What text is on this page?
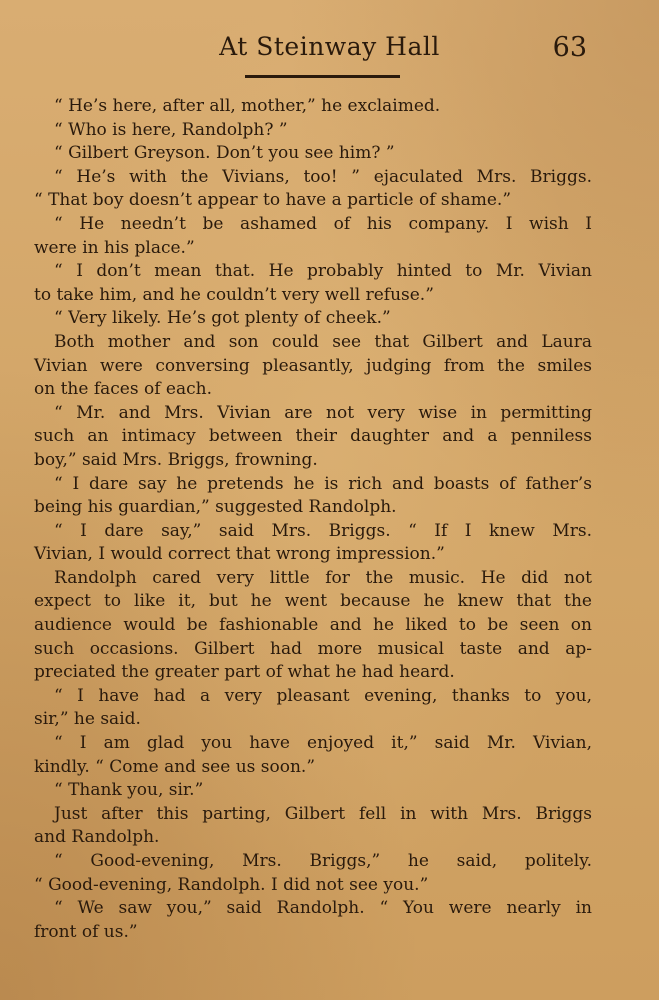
At Steinway Hall	63
“ He’s here, after all, mother,” he exclaimed.
“ Who is here, Randolph? ”
“ Gilbert Greyson. Don’t you see him? ”
“ He’s with the Vivians, too! ” ejaculated Mrs. Briggs.
“ That boy doesn’t appear to have a particle of shame.”
“ He needn’t be ashamed of his company. I wish I
were in his place.”
“ I don’t mean that. He probably hinted to Mr. Vivian
to take him, and he couldn’t very well refuse.”
“ Very likely. He’s got plenty of cheek.”
Both mother and son could see that Gilbert and Laura
Vivian were conversing pleasantly, judging from the smiles
on the faces of each.
“ Mr. and Mrs. Vivian are not very wise in permitting
such an intimacy between their daughter and a penniless
boy,” said Mrs. Briggs, frowning.
“ I dare say he pretends he is rich and boasts of father’s
being his guardian,” suggested Randolph.
“ I dare say,” said Mrs. Briggs. “ If I knew Mrs.
Vivian, I would correct that wrong impression.”
Randolph cared very little for the music. He did not
expect to like it, but he went because he knew that the
audience would be fashionable and he liked to be seen on
such occasions. Gilbert had more musical taste and ap-
preciated the greater part of what he had heard.
“ I have had a very pleasant evening, thanks to you,
sir,” he said.
“ I am glad you have enjoyed it,” said Mr. Vivian,
kindly. “ Come and see us soon.”
“ Thank you, sir.”
Just after this parting, Gilbert fell in with Mrs. Briggs
and Randolph.
“ Good-evening, Mrs. Briggs,” he said, politely.
“ Good-evening, Randolph. I did not see you.”
“ We saw you,” said Randolph. “ You were nearly in
front of us.”
